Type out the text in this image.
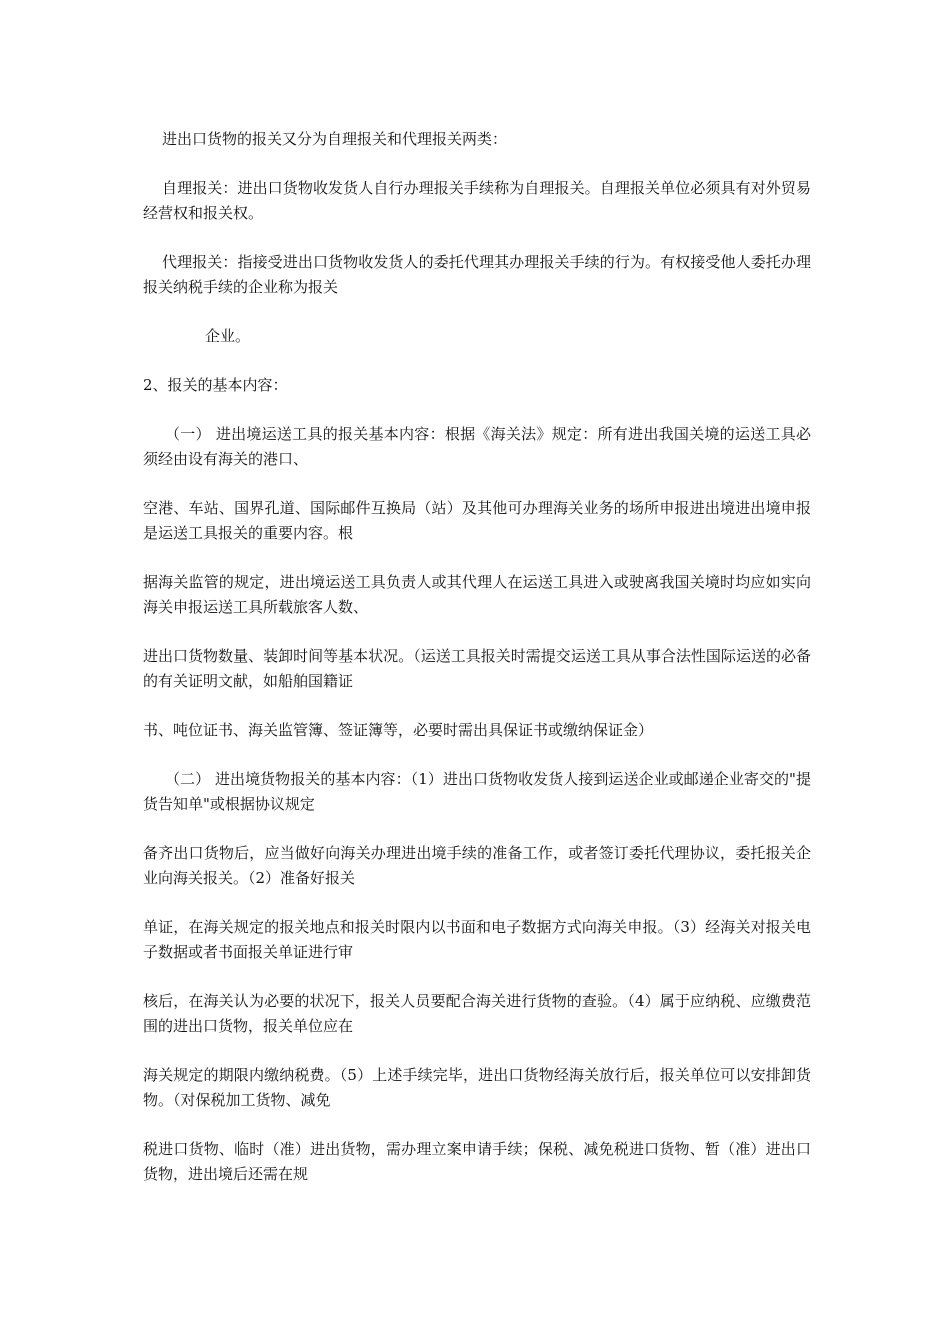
进出口货物的报关又分为自理报关和代理报关两类：

自理报关：进出口货物收发货人自行办理报关手续称为自理报关。自理报关单位必须具有对外贸易经营权和报关权。

代理报关：指接受进出口货物收发货人的委托代理其办理报关手续的行为。有权接受他人委托办理报关纳税手续的企业称为报关

企业。

2、报关的基本内容：

（一） 进出境运送工具的报关基本内容：根据《海关法》规定：所有进出我国关境的运送工具必须经由设有海关的港口、

空港、车站、国界孔道、国际邮件互换局（站）及其他可办理海关业务的场所申报进出境进出境申报是运送工具报关的重要内容。根

据海关监管的规定，进出境运送工具负责人或其代理人在运送工具进入或驶离我国关境时均应如实向海关申报运送工具所载旅客人数、

进出口货物数量、装卸时间等基本状况。（运送工具报关时需提交运送工具从事合法性国际运送的必备的有关证明文献，如船舶国籍证

书、吨位证书、海关监管簿、签证簿等，必要时需出具保证书或缴纳保证金）

（二） 进出境货物报关的基本内容：（1）进出口货物收发货人接到运送企业或邮递企业寄交的"提货告知单"或根据协议规定

备齐出口货物后，应当做好向海关办理进出境手续的准备工作，或者签订委托代理协议，委托报关企业向海关报关。（2）准备好报关

单证，在海关规定的报关地点和报关时限内以书面和电子数据方式向海关申报。（3）经海关对报关电子数据或者书面报关单证进行审

核后，在海关认为必要的状况下，报关人员要配合海关进行货物的查验。（4）属于应纳税、应缴费范围的进出口货物，报关单位应在

海关规定的期限内缴纳税费。（5）上述手续完毕，进出口货物经海关放行后，报关单位可以安排卸货物。（对保税加工货物、减免

税进口货物、临时（准）进出货物，需办理立案申请手续；保税、减免税进口货物、暂（准）进出口货物，进出境后还需在规
